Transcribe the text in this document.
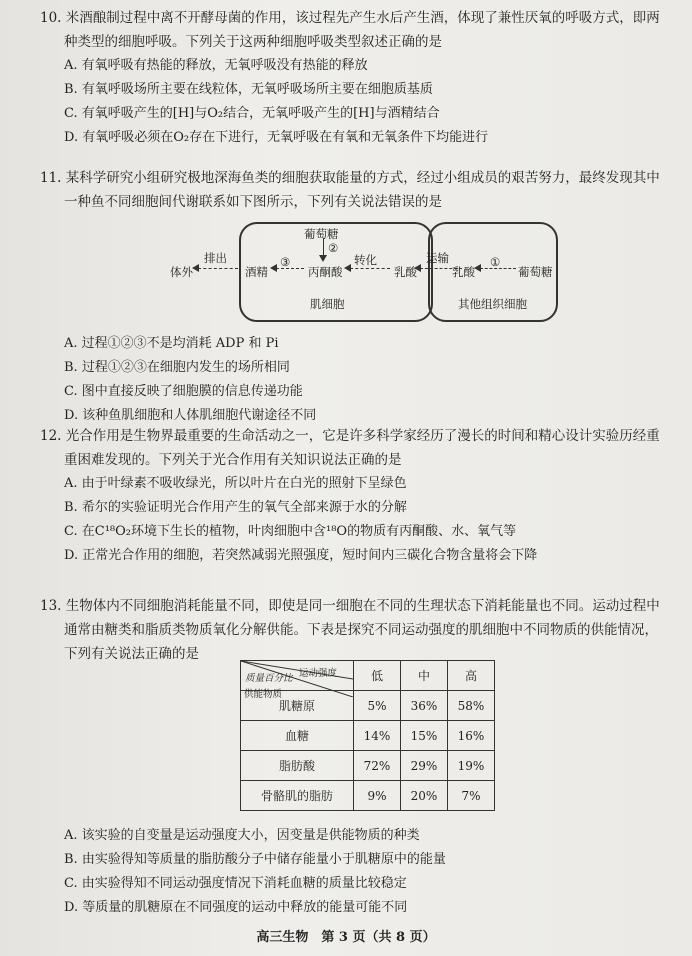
10. 米酒酿制过程中离不开酵母菌的作用，该过程先产生水后产生酒，体现了兼性厌氧的呼吸方式，即两种类型的细胞呼吸。下列关于这两种细胞呼吸类型叙述正确的是

A. 有氧呼吸有热能的释放，无氧呼吸没有热能的释放

B. 有氧呼吸场所主要在线粒体，无氧呼吸场所主要在细胞质基质

C. 有氧呼吸产生的[H]与O₂结合，无氧呼吸产生的[H]与酒精结合

D. 有氧呼吸必须在O₂存在下进行，无氧呼吸在有氧和无氧条件下均能进行

11. 某科学研究小组研究极地深海鱼类的细胞获取能量的方式，经过小组成员的艰苦努力，最终发现其中一种鱼不同细胞间代谢联系如下图所示，下列有关说法错误的是

体外
排出
酒精
③
丙酮酸
转化
乳酸
葡萄糖
②
肌细胞
运输
乳酸
①
葡萄糖
其他组织细胞

A. 过程①②③不是均消耗 ADP 和 Pi

B. 过程①②③在细胞内发生的场所相同

C. 图中直接反映了细胞膜的信息传递功能

D. 该种鱼肌细胞和人体肌细胞代谢途径不同

12. 光合作用是生物界最重要的生命活动之一，它是许多科学家经历了漫长的时间和精心设计实验历经重重困难发现的。下列关于光合作用有关知识说法正确的是

A. 由于叶绿素不吸收绿光，所以叶片在白光的照射下呈绿色

B. 希尔的实验证明光合作用产生的氧气全部来源于水的分解

C. 在C¹⁸O₂环境下生长的植物，叶肉细胞中含¹⁸O的物质有丙酮酸、水、氧气等

D. 正常光合作用的细胞，若突然减弱光照强度，短时间内三碳化合物含量将会下降

13. 生物体内不同细胞消耗能量不同，即使是同一细胞在不同的生理状态下消耗能量也不同。运动过程中通常由糖类和脂质类物质氧化分解供能。下表是探究不同运动强度的肌细胞中不同物质的供能情况，下列有关说法正确的是

运动强度
质量百分比
供能物质	低	中	高
肌糖原	5%	36%	58%
血糖	14%	15%	16%
脂肪酸	72%	29%	19%
骨骼肌的脂肪	9%	20%	7%

A. 该实验的自变量是运动强度大小，因变量是供能物质的种类

B. 由实验得知等质量的脂肪酸分子中储存能量小于肌糖原中的能量

C. 由实验得知不同运动强度情况下消耗血糖的质量比较稳定

D. 等质量的肌糖原在不同强度的运动中释放的能量可能不同

高三生物　第 3 页（共 8 页）
